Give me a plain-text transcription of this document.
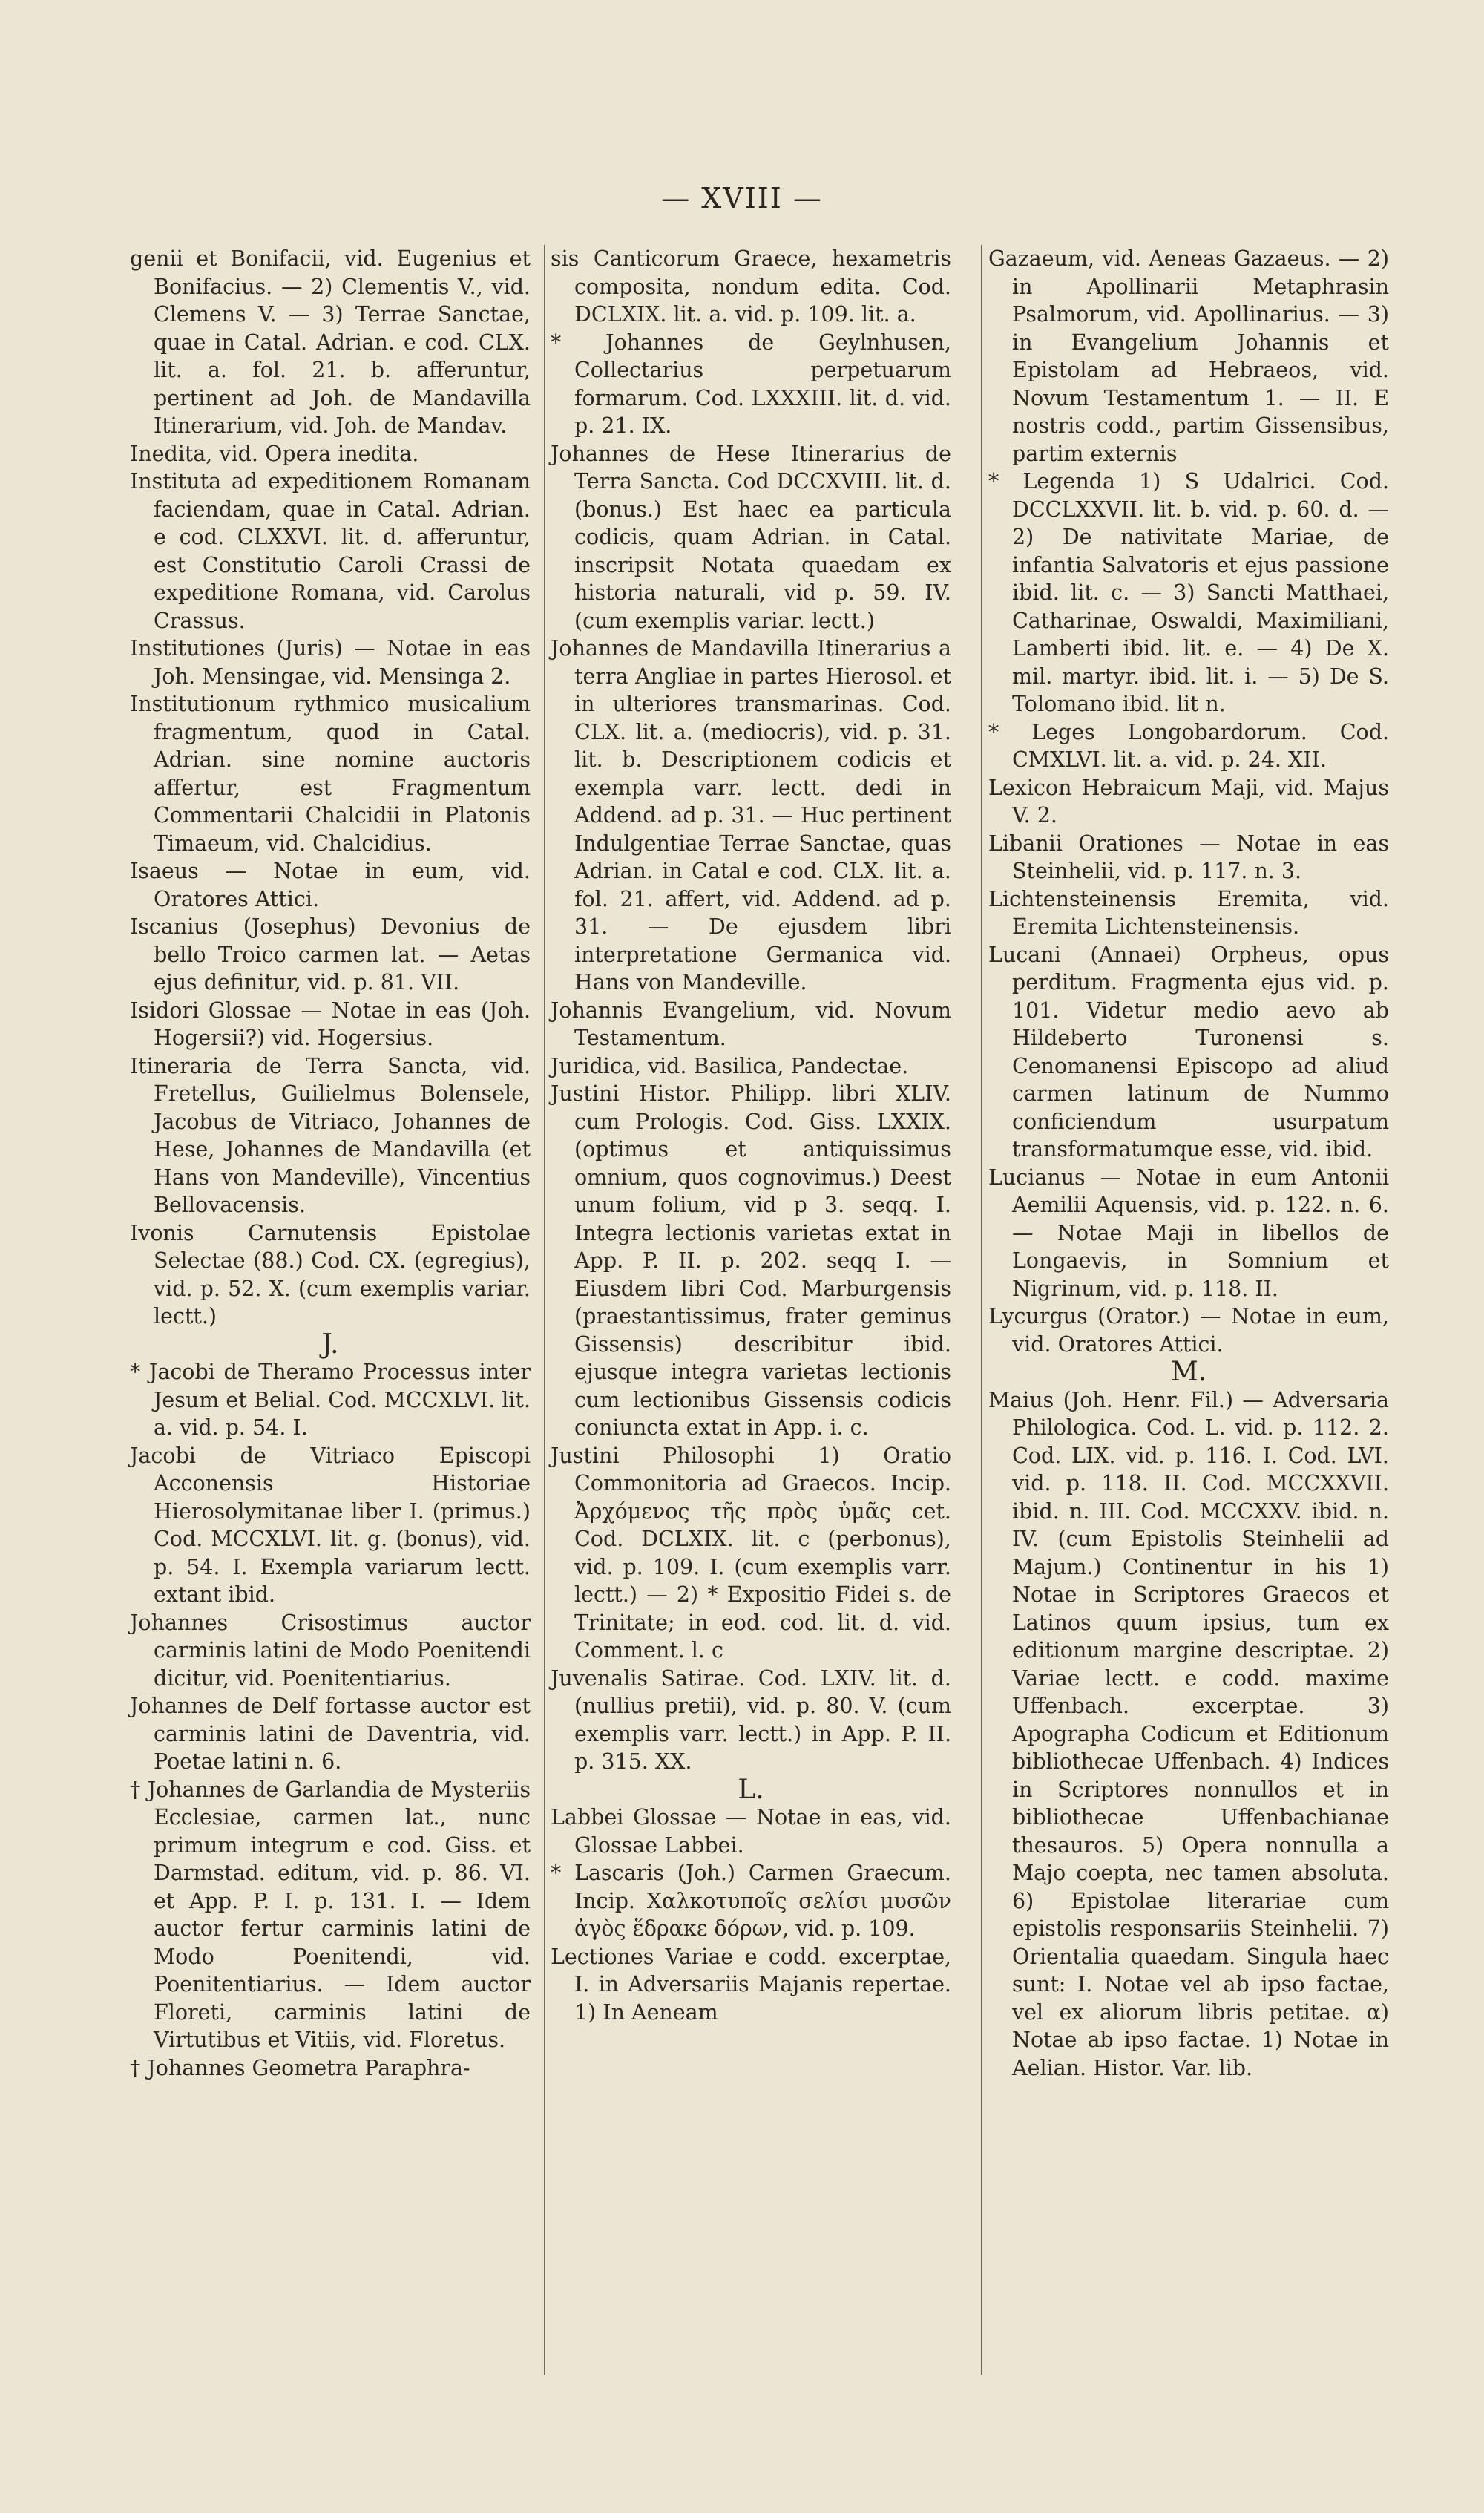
— XVIII —

genii et Bonifacii, vid. Eugenius et Bonifacius. — 2) Clementis V., vid. Clemens V. — 3) Terrae Sanctae, quae in Catal. Adrian. e cod. CLX. lit. a. fol. 21. b. afferuntur, pertinent ad Joh. de Mandavilla Itinerarium, vid. Joh. de Mandav.

Inedita, vid. Opera inedita.

Instituta ad expeditionem Romanam faciendam, quae in Catal. Adrian. e cod. CLXXVI. lit. d. afferuntur, est Constitutio Caroli Crassi de expeditione Romana, vid. Carolus Crassus.

Institutiones (Juris) — Notae in eas Joh. Mensingae, vid. Mensinga 2.

Institutionum rythmico musicalium fragmentum, quod in Catal. Adrian. sine nomine auctoris affertur, est Fragmentum Commentarii Chalcidii in Platonis Timaeum, vid. Chalcidius.

Isaeus — Notae in eum, vid. Oratores Attici.

Iscanius (Josephus) Devonius de bello Troico carmen lat. — Aetas ejus definitur, vid. p. 81. VII.

Isidori Glossae — Notae in eas (Joh. Hogersii?) vid. Hogersius.

Itineraria de Terra Sancta, vid. Fretellus, Guilielmus Bolensele, Jacobus de Vitriaco, Johannes de Hese, Johannes de Mandavilla (et Hans von Mandeville), Vincentius Bellovacensis.

Ivonis Carnutensis Epistolae Selectae (88.) Cod. CX. (egregius), vid. p. 52. X. (cum exemplis variar. lectt.)

J.

* Jacobi de Theramo Processus inter Jesum et Belial. Cod. MCCXLVI. lit. a. vid. p. 54. I.

Jacobi de Vitriaco Episcopi Acconensis Historiae Hierosolymitanae liber I. (primus.) Cod. MCCXLVI. lit. g. (bonus), vid. p. 54. I. Exempla variarum lectt. extant ibid.

Johannes Crisostimus auctor carminis latini de Modo Poenitendi dicitur, vid. Poenitentiarius.

Johannes de Delf fortasse auctor est carminis latini de Daventria, vid. Poetae latini n. 6.

† Johannes de Garlandia de Mysteriis Ecclesiae, carmen lat., nunc primum integrum e cod. Giss. et Darmstad. editum, vid. p. 86. VI. et App. P. I. p. 131. I. — Idem auctor fertur carminis latini de Modo Poenitendi, vid. Poenitentiarius. — Idem auctor Floreti, carminis latini de Virtutibus et Vitiis, vid. Floretus.

† Johannes Geometra Paraphra-

sis Canticorum Graece, hexametris composita, nondum edita. Cod. DCLXIX. lit. a. vid. p. 109. lit. a.

* Johannes de Geylnhusen, Collectarius perpetuarum formarum. Cod. LXXXIII. lit. d. vid. p. 21. IX.

Johannes de Hese Itinerarius de Terra Sancta. Cod DCCXVIII. lit. d. (bonus.) Est haec ea particula codicis, quam Adrian. in Catal. inscripsit Notata quaedam ex historia naturali, vid p. 59. IV. (cum exemplis variar. lectt.)

Johannes de Mandavilla Itinerarius a terra Angliae in partes Hierosol. et in ulteriores transmarinas. Cod. CLX. lit. a. (mediocris), vid. p. 31. lit. b. Descriptionem codicis et exempla varr. lectt. dedi in Addend. ad p. 31. — Huc pertinent Indulgentiae Terrae Sanctae, quas Adrian. in Catal e cod. CLX. lit. a. fol. 21. affert, vid. Addend. ad p. 31. — De ejusdem libri interpretatione Germanica vid. Hans von Mandeville.

Johannis Evangelium, vid. Novum Testamentum.

Juridica, vid. Basilica, Pandectae.

Justini Histor. Philipp. libri XLIV. cum Prologis. Cod. Giss. LXXIX. (optimus et antiquissimus omnium, quos cognovimus.) Deest unum folium, vid p 3. seqq. I. Integra lectionis varietas extat in App. P. II. p. 202. seqq I. — Eiusdem libri Cod. Marburgensis (praestantissimus, frater geminus Gissensis) describitur ibid. ejusque integra varietas lectionis cum lectionibus Gissensis codicis coniuncta extat in App. i. c.

Justini Philosophi 1) Oratio Commonitoria ad Graecos. Incip. Ἀρχόμενος τῆς πρὸς ὑμᾶς cet. Cod. DCLXIX. lit. c (perbonus), vid. p. 109. I. (cum exemplis varr. lectt.) — 2) * Expositio Fidei s. de Trinitate; in eod. cod. lit. d. vid. Comment. l. c

Juvenalis Satirae. Cod. LXIV. lit. d. (nullius pretii), vid. p. 80. V. (cum exemplis varr. lectt.) in App. P. II. p. 315. XX.

L.

Labbei Glossae — Notae in eas, vid. Glossae Labbei.

* Lascaris (Joh.) Carmen Graecum. Incip. Χαλκοτυποῖς σελίσι μυσῶν ἀγὸς ἕδρακε δόρων, vid. p. 109.

Lectiones Variae e codd. excerptae, I. in Adversariis Majanis repertae. 1) In Aeneam

Gazaeum, vid. Aeneas Gazaeus. — 2) in Apollinarii Metaphrasin Psalmorum, vid. Apollinarius. — 3) in Evangelium Johannis et Epistolam ad Hebraeos, vid. Novum Testamentum 1. — II. E nostris codd., partim Gissensibus, partim externis

* Legenda 1) S Udalrici. Cod. DCCLXXVII. lit. b. vid. p. 60. d. — 2) De nativitate Mariae, de infantia Salvatoris et ejus passione ibid. lit. c. — 3) Sancti Matthaei, Catharinae, Oswaldi, Maximiliani, Lamberti ibid. lit. e. — 4) De X. mil. martyr. ibid. lit. i. — 5) De S. Tolomano ibid. lit n.

* Leges Longobardorum. Cod. CMXLVI. lit. a. vid. p. 24. XII.

Lexicon Hebraicum Maji, vid. Majus V. 2.

Libanii Orationes — Notae in eas Steinhelii, vid. p. 117. n. 3.

Lichtensteinensis Eremita, vid. Eremita Lichtensteinensis.

Lucani (Annaei) Orpheus, opus perditum. Fragmenta ejus vid. p. 101. Videtur medio aevo ab Hildeberto Turonensi s. Cenomanensi Episcopo ad aliud carmen latinum de Nummo conficiendum usurpatum transformatumque esse, vid. ibid.

Lucianus — Notae in eum Antonii Aemilii Aquensis, vid. p. 122. n. 6. — Notae Maji in libellos de Longaevis, in Somnium et Nigrinum, vid. p. 118. II.

Lycurgus (Orator.) — Notae in eum, vid. Oratores Attici.

M.

Maius (Joh. Henr. Fil.) — Adversaria Philologica. Cod. L. vid. p. 112. 2. Cod. LIX. vid. p. 116. I. Cod. LVI. vid. p. 118. II. Cod. MCCXXVII. ibid. n. III. Cod. MCCXXV. ibid. n. IV. (cum Epistolis Steinhelii ad Majum.) Continentur in his 1) Notae in Scriptores Graecos et Latinos quum ipsius, tum ex editionum margine descriptae. 2) Variae lectt. e codd. maxime Uffenbach. excerptae. 3) Apographa Codicum et Editionum bibliothecae Uffenbach. 4) Indices in Scriptores nonnullos et in bibliothecae Uffenbachianae thesauros. 5) Opera nonnulla a Majo coepta, nec tamen absoluta. 6) Epistolae literariae cum epistolis responsariis Steinhelii. 7) Orientalia quaedam. Singula haec sunt: I. Notae vel ab ipso factae, vel ex aliorum libris petitae. α) Notae ab ipso factae. 1) Notae in Aelian. Histor. Var. lib.
